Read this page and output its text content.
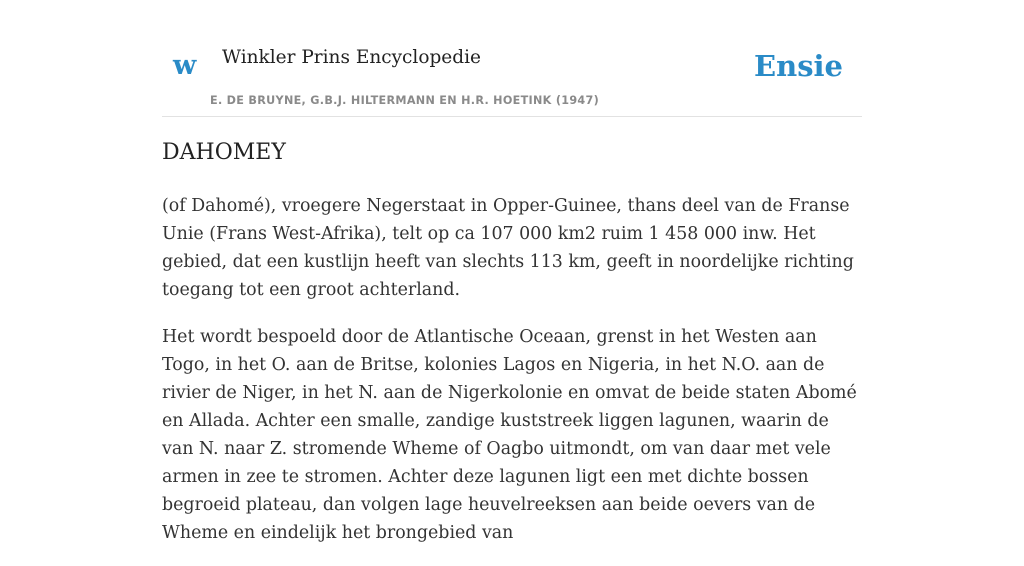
w Winkler Prins Encyclopedie
E. DE BRUYNE, G.B.J. HILTERMANN EN H.R. HOETINK (1947)
Ensie
DAHOMEY

(of Dahomé), vroegere Negerstaat in Opper-Guinee, thans deel van de Franse Unie (Frans West-Afrika), telt op ca 107 000 km2 ruim 1 458 000 inw. Het gebied, dat een kustlijn heeft van slechts 113 km, geeft in noordelijke richting toegang tot een groot achterland.

Het wordt bespoeld door de Atlantische Oceaan, grenst in het Westen aan Togo, in het O. aan de Britse, kolonies Lagos en Nigeria, in het N.O. aan de rivier de Niger, in het N. aan de Nigerkolonie en omvat de beide staten Abomé en Allada. Achter een smalle, zandige kuststreek liggen lagunen, waarin de van N. naar Z. stromende Wheme of Oagbo uitmondt, om van daar met vele armen in zee te stromen. Achter deze lagunen ligt een met dichte bossen begroeid plateau, dan volgen lage heuvelreeksen aan beide oevers van de Wheme en eindelijk het brongebied van
